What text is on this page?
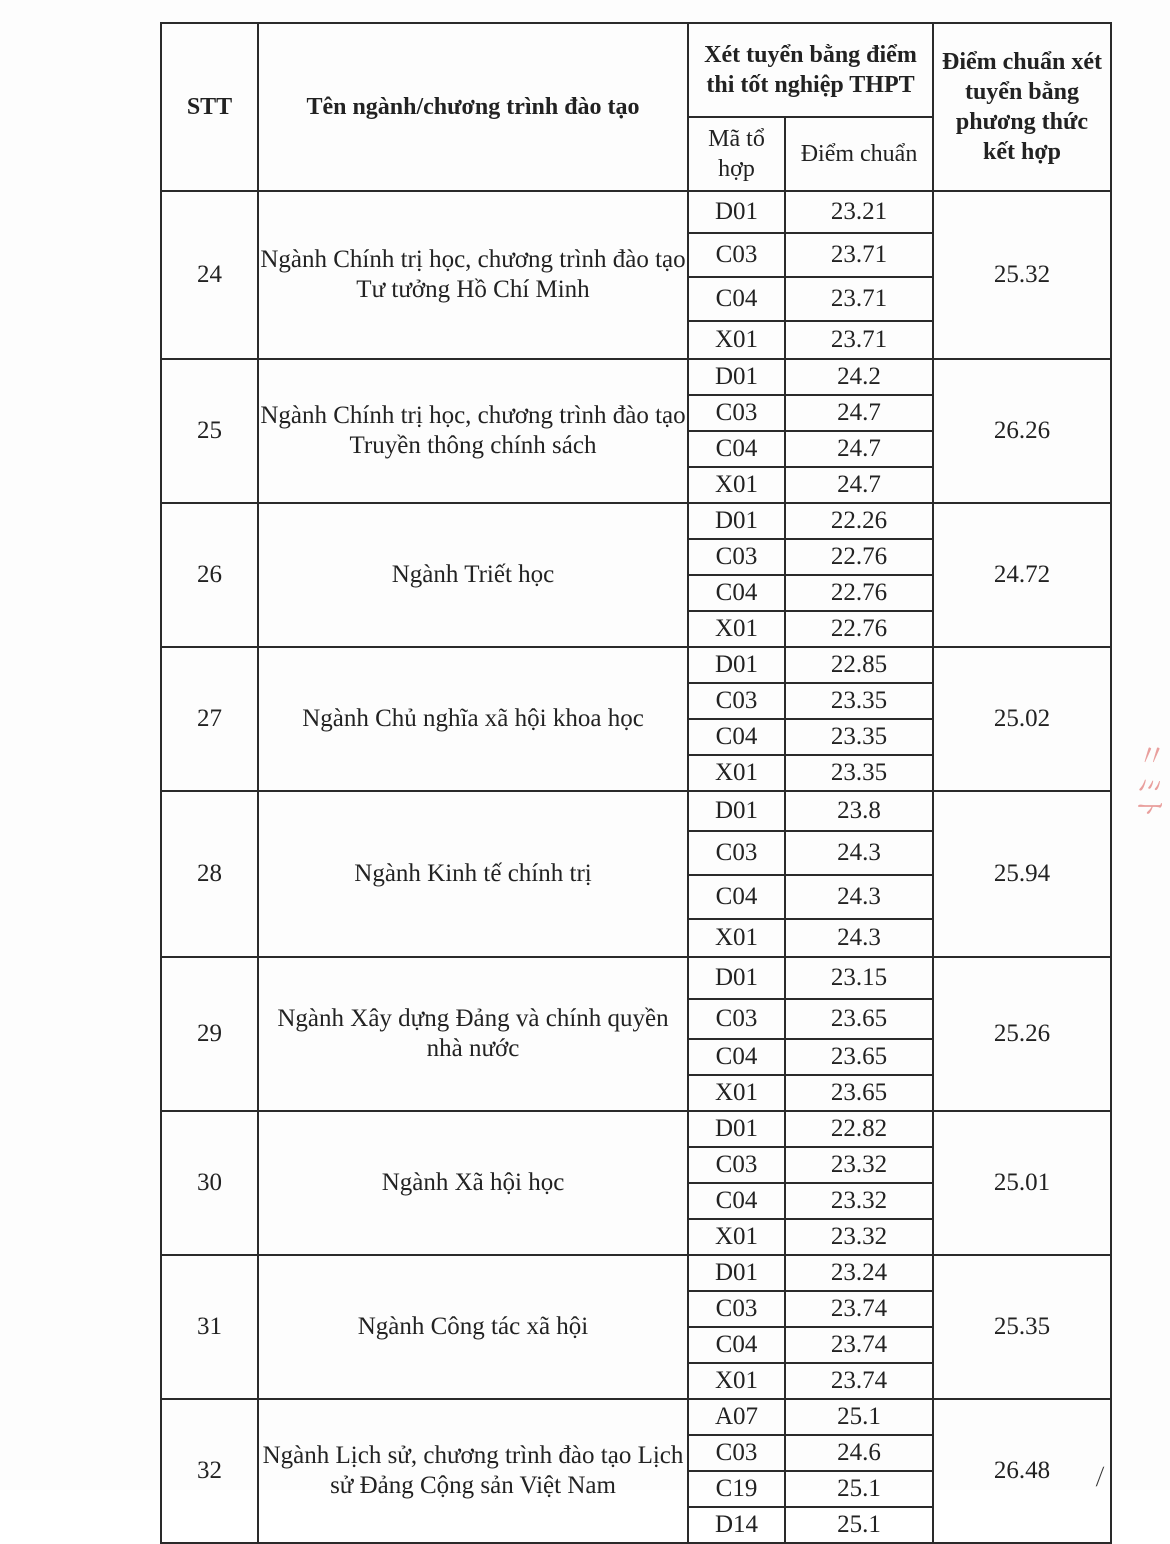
STT	Tên ngành/chương trình đào tạo	Xét tuyển bằng điểm thi tốt nghiệp THPT		Điểm chuẩn xét tuyển bằng phương thức kết hợp
		Mã tổ hợp	Điểm chuẩn	
24	Ngành Chính trị học, chương trình đào tạo Tư tưởng Hồ Chí Minh	D01	23.21	25.32
		C03	23.71	
		C04	23.71	
		X01	23.71	
25	Ngành Chính trị học, chương trình đào tạo Truyền thông chính sách	D01	24.2	26.26
		C03	24.7	
		C04	24.7	
		X01	24.7	
26	Ngành Triết học	D01	22.26	24.72
		C03	22.76	
		C04	22.76	
		X01	22.76	
27	Ngành Chủ nghĩa xã hội khoa học	D01	22.85	25.02
		C03	23.35	
		C04	23.35	
		X01	23.35	
28	Ngành Kinh tế chính trị	D01	23.8	25.94
		C03	24.3	
		C04	24.3	
		X01	24.3	
29	Ngành Xây dựng Đảng và chính quyền nhà nước	D01	23.15	25.26
		C03	23.65	
		C04	23.65	
		X01	23.65	
30	Ngành Xã hội học	D01	22.82	25.01
		C03	23.32	
		C04	23.32	
		X01	23.32	
31	Ngành Công tác xã hội	D01	23.24	25.35
		C03	23.74	
		C04	23.74	
		X01	23.74	
32	Ngành Lịch sử, chương trình đào tạo Lịch sử Đảng Cộng sản Việt Nam	A07	25.1	26.48
		C03	24.6	
		C19	25.1	
		D14	25.1	
〃 ﾐ ﾄ
⁄
